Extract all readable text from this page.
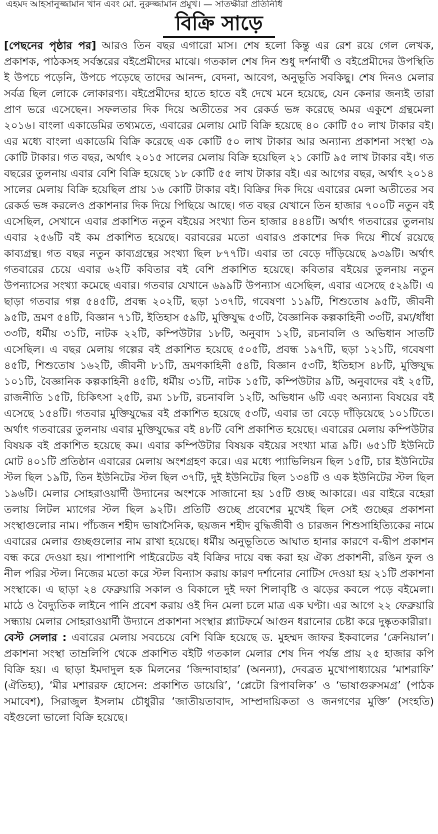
এহমদ আহসানুজ্জামান খান এবং মো. নুরুজ্জামান প্রমুখ। — সাতক্ষীরা প্রতিনিধি
বিক্রি সাড়ে

[পেছনের পৃষ্ঠার পর] আরও তিন বছর এগারো মাস। শেষ হলো কিন্তু এর রেশ রয়ে গেল লেখক, প্রকাশক, পাঠকসহ সর্বস্তরের বইপ্রেমীদের মাঝে। গতকাল শেষ দিন শুধু দর্শনার্থী ও বইপ্রেমীদের উপস্থিতি ই উপচে পড়েনি, উপচে পড়েছে তাদের আনন্দ, বেদনা, আবেগ, অনুভূতি সবকিছু। শেষ দিনও মেলার সর্বত্র ছিল লোকে লোকারণ্য। বইপ্রেমীদের হাতে হাতে বই দেখে মনে হয়েছে, যেন কেনার জন্যই তারা প্রাণ ভরে এসেছেন। সফলতার দিক দিয়ে অতীতের সব রেকর্ড ভঙ্গ করেছে অমর একুশে গ্রন্থমেলা ২০১৬। বাংলা একাডেমির তথ্যমতে, এবারের মেলায় মোট বিক্রি হয়েছে ৪০ কোটি ৫০ লাখ টাকার বই। এর মধ্যে বাংলা একাডেমি বিক্রি করেছে এক কোটি ৫০ লাখ টাকার আর অন্যান্য প্রকাশনা সংস্থা ৩৯ কোটি টাকার। গত বছর, অর্থাৎ ২০১৫ সালের মেলায় বিক্রি হয়েছিল ২১ কোটি ৯৫ লাখ টাকার বই। গত বছরের তুলনায় এবার বেশি বিক্রি হয়েছে ১৮ কোটি ৫৫ লাখ টাকার বই। এর আগের বছর, অর্থাৎ ২০১৪ সালের মেলায় বিক্রি হয়েছিল প্রায় ১৬ কোটি টাকার বই। বিক্রির দিক দিয়ে এবারের মেলা অতীতের সব রেকর্ড ভঙ্গ করলেও প্রকাশনার দিক দিয়ে পিছিয়ে আছে। গত বছর যেখানে তিন হাজার ৭০০টি নতুন বই এসেছিল, সেখানে এবার প্রকাশিত নতুন বইয়ের সংখ্যা তিন হাজার ৪৪৪টি। অর্থাৎ গতবারের তুলনায় এবার ২৫৬টি বই কম প্রকাশিত হয়েছে। বরাবরের মতো এবারও প্রকাশের দিক দিয়ে শীর্ষে রয়েছে কাব্যগ্রন্থ। গত বছর নতুন কাব্যগ্রন্থের সংখ্যা ছিল ৮৭৭টি। এবার তা বেড়ে দাঁড়িয়েছে ৯৩৯টি। অর্থাৎ গতবারের চেয়ে এবার ৬২টি কবিতার বই বেশি প্রকাশিত হয়েছে। কবিতার বইয়ের তুলনায় নতুন উপন্যাসের সংখ্যা কমেছে এবার। গতবার যেখানে ৬৯৯টি উপন্যাস এসেছিল, এবার এসেছে ৫২৯টি। এ ছাড়া গতবার গল্প ৫৪৫টি, প্রবন্ধ ২০২টি, ছড়া ১৩৭টি, গবেষণা ১১৯টি, শিশুতোষ ৯৫টি, জীবনী ৯৫টি, ভ্রমণ ৫৪টি, বিজ্ঞান ৭১টি, ইতিহাস ৫৯টি, মুক্তিযুদ্ধ ৫৩টি, বৈজ্ঞানিক কল্পকাহিনী ৩৩টি, রম্য/ধাঁধা ৩৩টি, ধর্মীয় ৩১টি, নাটক ২২টি, কম্পিউটার ১৮টি, অনুবাদ ১২টি, রচনাবলি ও অভিধান সাতটি এসেছিল। এ বছর মেলায় গল্পের বই প্রকাশিত হয়েছে ৫০৫টি, প্রবন্ধ ১৯৭টি, ছড়া ১২১টি, গবেষণা ৪৫টি, শিশুতোষ ১৬২টি, জীবনী ৮১টি, ভ্রমণকাহিনী ৫৪টি, বিজ্ঞান ৫৩টি, ইতিহাস ৪৮টি, মুক্তিযুদ্ধ ১০১টি, বৈজ্ঞানিক কল্পকাহিনী ৪৫টি, ধর্মীয় ৩১টি, নাটক ১৫টি, কম্পিউটার ৯টি, অনুবাদের বই ২৫টি, রাজনীতি ১৫টি, চিকিৎসা ২৫টি, রম্য ১৮টি, রচনাবলি ১২টি, অভিধান ৬টি এবং অন্যান্য বিষয়ের বই এসেছে ১৫৪টি। গতবার মুক্তিযুদ্ধের বই প্রকাশিত হয়েছে ৫৩টি, এবার তা বেড়ে দাঁড়িয়েছে ১০১টিতে। অর্থাৎ গতবারের তুলনায় এবার মুক্তিযুদ্ধের বই ৪৮টি বেশি প্রকাশিত হয়েছে। এবারের মেলায় কম্পিউটার বিষয়ক বই প্রকাশিত হয়েছে কম। এবার কম্পিউটার বিষয়ক বইয়ের সংখ্যা মাত্র ৯টি। ৬৫১টি ইউনিটে মোট ৪০১টি প্রতিষ্ঠান এবারের মেলায় অংশগ্রহণ করে। এর মধ্যে প্যাভিলিয়ন ছিল ১৫টি, চার ইউনিটের স্টল ছিল ১৯টি, তিন ইউনিটের স্টল ছিল ৩৭টি, দুই ইউনিটের ছিল ১৩৪টি ও এক ইউনিটের স্টল ছিল ১৯৬টি। মেলার সোহরাওয়ার্দী উদ্যানের অংশকে সাজানো হয় ১৫টি গুচ্ছ আকারে। এর বাইরে বহেরা তলায় লিটল ম্যাগের স্টল ছিল ৯২টি। প্রতিটি গুচ্ছে প্রবেশের মুখেই ছিল সেই গুচ্ছের প্রকাশনা সংস্থাগুলোর নাম। পাঁচজন শহীদ ভাষাসৈনিক, ছয়জন শহীদ বুদ্ধিজীবী ও চারজন শিশুসাহিত্যিকের নামে এবারের মেলার গুচ্ছগুলোর নাম রাখা হয়েছে। ধর্মীয় অনুভূতিতে আঘাত হানার কারণে ব-দ্বীপ প্রকাশন বন্ধ করে দেওয়া হয়। পাশাপাশি পাইরেটেড বই বিক্রির দায়ে বন্ধ করা হয় ঐক্য প্রকাশনী, রঙিন ফুল ও নীল পরির স্টল। নিজের মতো করে স্টল বিন্যাস করায় কারণ দর্শানোর নোটিস দেওয়া হয় ২১টি প্রকাশনা সংস্থাকে। এ ছাড়া ২৪ ফেব্রুয়ারি সকাল ও বিকালে দুই দফা শিলাবৃষ্টি ও ঝড়ের কবলে পড়ে বইমেলা। মাঠে ও বৈদ্যুতিক লাইনে পানি প্রবেশ করায় ওই দিন মেলা চলে মাত্র এক ঘণ্টা। এর আগে ২২ ফেব্রুয়ারি সন্ধ্যায় মেলার সোহরাওয়ার্দী উদ্যানে প্রকাশনা সংস্থার প্ল্যাটফর্মে আগুন ধরানোর চেষ্টা করে দুষ্কৃতকারীরা।

বেস্ট সেলার : এবারের মেলায় সবচেয়ে বেশি বিক্রি হয়েছে ড. মুহম্মদ জাফর ইকবালের ‘ক্রেনিয়াল’। প্রকাশনা সংস্থা তাম্রলিপি থেকে প্রকাশিত বইটি গতকাল মেলার শেষ দিন পর্যন্ত প্রায় ২৫ হাজার কপি বিক্রি হয়। এ ছাড়া ইমদাদুল হক মিলনের ‘জিন্দাবাহার’ (অনন্যা), দেবব্রত মুখোপাধ্যায়ের ‘মাশরাফি’ (ঐতিহ্য), ‘মীর মশাররফ হোসেন: প্রকাশিত ডায়েরি’, ‘প্লেটো রিপাবলিক’ ও ‘ভাষাগুরুসমগ্র’ (পাঠক সমাবেশ), সিরাজুল ইসলাম চৌধুরীর ‘জাতীয়তাবাদ, সাম্প্রদায়িকতা ও জনগণের মুক্তি’ (সংহতি) বইগুলো ভালো বিক্রি হয়েছে।
